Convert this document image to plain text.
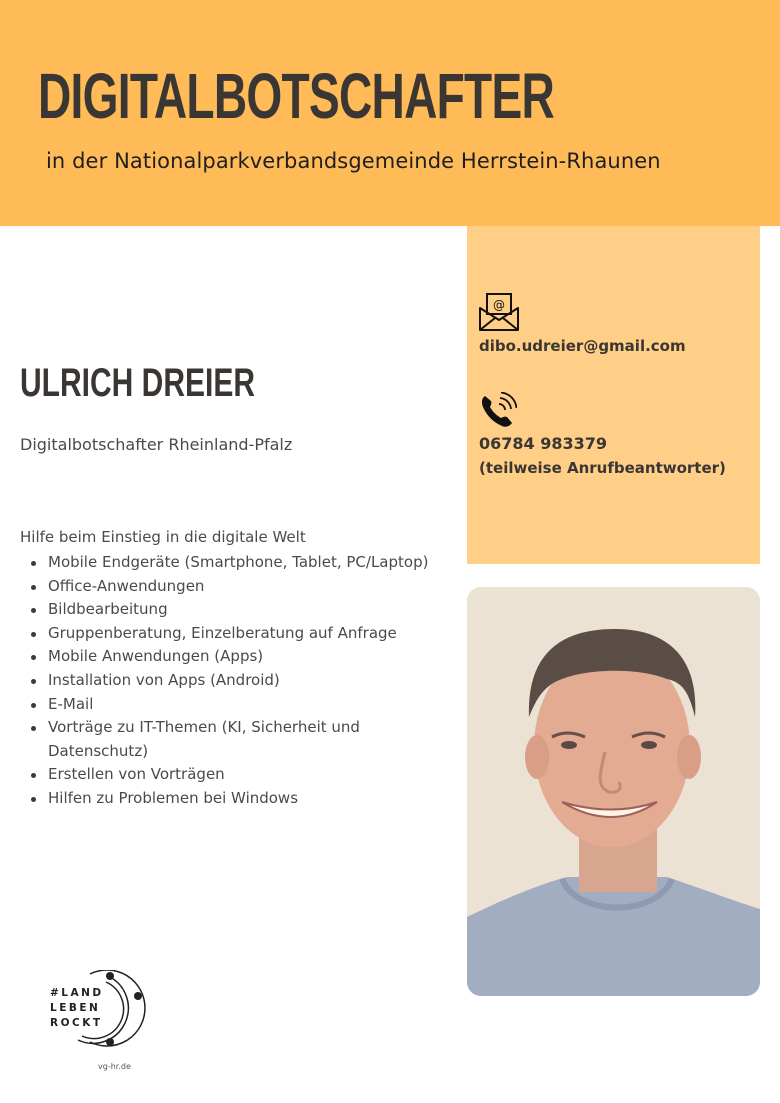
DIGITALBOTSCHAFTER
in der Nationalparkverbandsgemeinde Herrstein-Rhaunen
@
dibo.udreier@gmail.com
06784 983379
(teilweise Anrufbeantworter)
ULRICH DREIER
Digitalbotschafter Rheinland-Pfalz
Hilfe beim Einstieg in die digitale Welt
Mobile Endgeräte (Smartphone, Tablet, PC/Laptop)
Office-Anwendungen
Bildbearbeitung
Gruppenberatung, Einzelberatung auf Anfrage
Mobile Anwendungen (Apps)
Installation von Apps (Android)
E-Mail
Vorträge zu IT-Themen (KI, Sicherheit und Datenschutz)
Erstellen von Vorträgen
Hilfen zu Problemen bei Windows
#LAND
LEBEN
ROCKT
vg-hr.de
